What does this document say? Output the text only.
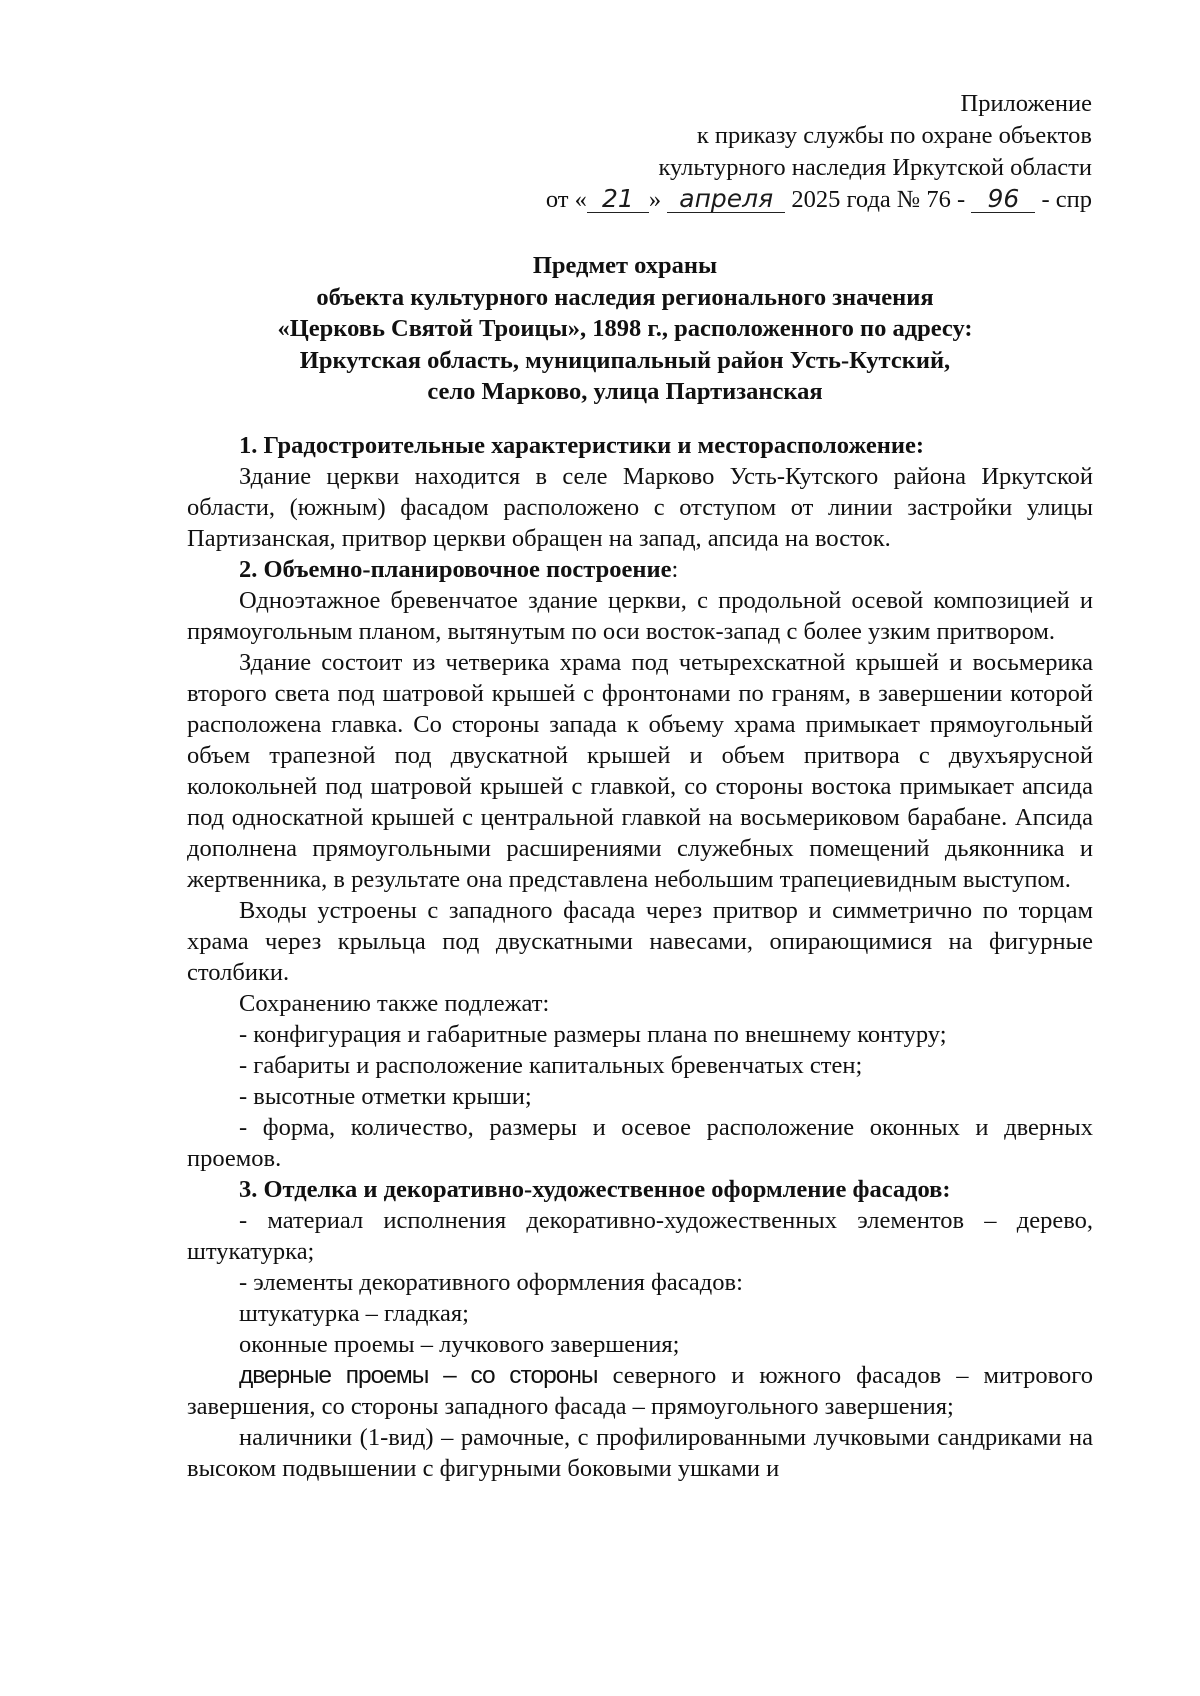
Приложение
к приказу службы по охране объектов
культурного наследия Иркутской области
от « 21 » апреля 2025 года № 76 - 96 - спр
Предмет охраны
объекта культурного наследия регионального значения
«Церковь Святой Троицы», 1898 г., расположенного по адресу:
Иркутская область, муниципальный район Усть-Кутский,
село Марково, улица Партизанская

1. Градостроительные характеристики и месторасположение:

Здание церкви находится в селе Марково Усть-Кутского района Иркутской области, (южным) фасадом расположено с отступом от линии застройки улицы Партизанская, притвор церкви обращен на запад, апсида на восток.

2. Объемно-планировочное построение:

Одноэтажное бревенчатое здание церкви, с продольной осевой композицией и прямоугольным планом, вытянутым по оси восток-запад с более узким притвором.

Здание состоит из четверика храма под четырехскатной крышей и восьмерика второго света под шатровой крышей с фронтонами по граням, в завершении которой расположена главка. Со стороны запада к объему храма примыкает прямоугольный объем трапезной под двускатной крышей и объем притвора с двухъярусной колокольней под шатровой крышей с главкой, со стороны востока примыкает апсида под односкатной крышей с центральной главкой на восьмериковом барабане. Апсида дополнена прямоугольными расширениями служебных помещений дьяконника и жертвенника, в результате она представлена небольшим трапециевидным выступом.

Входы устроены с западного фасада через притвор и симметрично по торцам храма через крыльца под двускатными навесами, опирающимися на фигурные столбики.

Сохранению также подлежат:

- конфигурация и габаритные размеры плана по внешнему контуру;

- габариты и расположение капитальных бревенчатых стен;

- высотные отметки крыши;

- форма, количество, размеры и осевое расположение оконных и дверных проемов.

3. Отделка и декоративно-художественное оформление фасадов:

- материал исполнения декоративно-художественных элементов – дерево, штукатурка;

- элементы декоративного оформления фасадов:

штукатурка – гладкая;

оконные проемы – лучкового завершения;

дверные проемы – со стороны северного и южного фасадов – митрового завершения, со стороны западного фасада – прямоугольного завершения;

наличники (1-вид) – рамочные, с профилированными лучковыми сандриками на высоком подвышении с фигурными боковыми ушками и
